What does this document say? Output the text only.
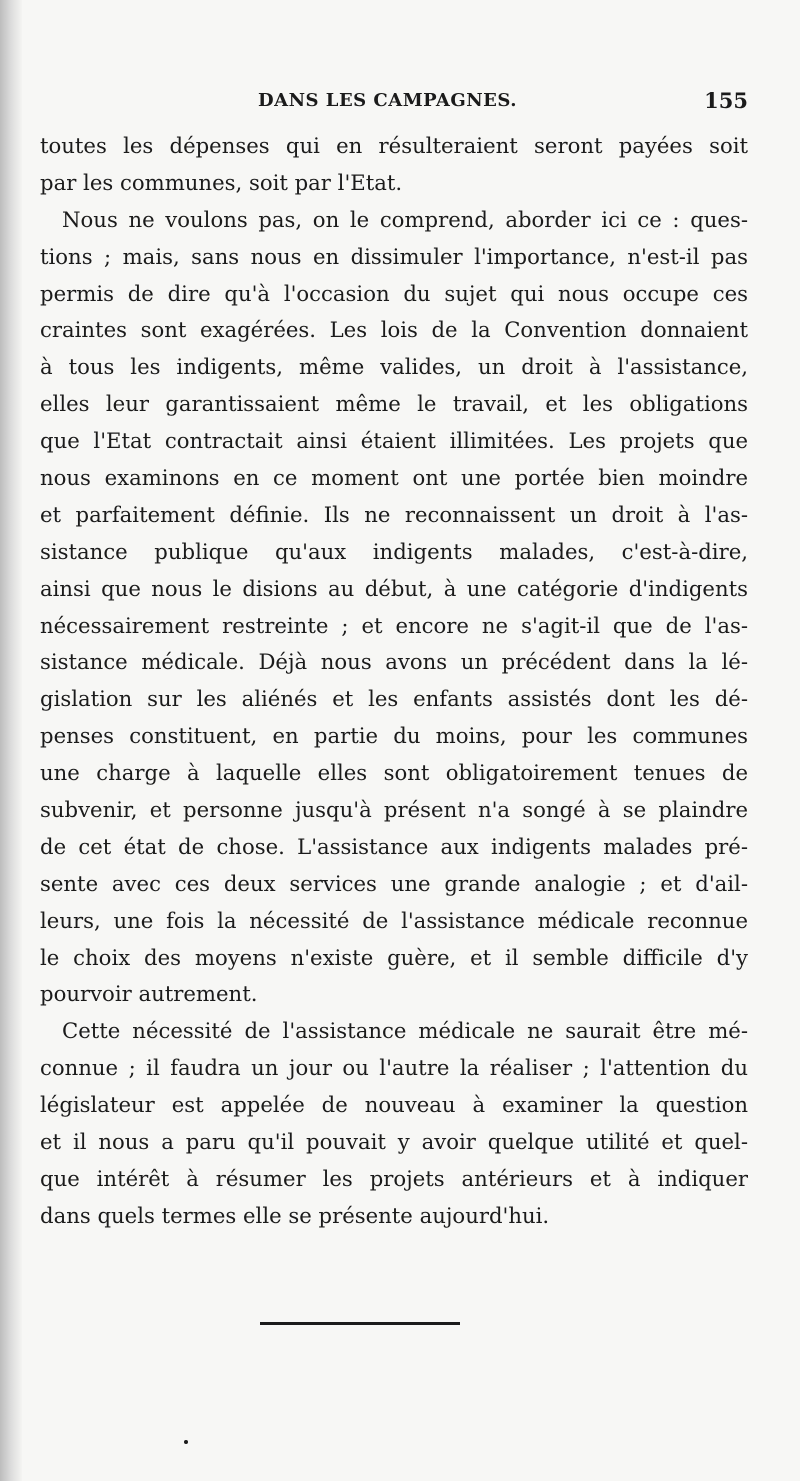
DANS LES CAMPAGNES.	155

toutes les dépenses qui en résulteraient seront payées soit

par les communes, soit par l'Etat.

Nous ne voulons pas, on le comprend, aborder ici ce : ques-

tions ; mais, sans nous en dissimuler l'importance, n'est-il pas

permis de dire qu'à l'occasion du sujet qui nous occupe ces

craintes sont exagérées. Les lois de la Convention donnaient

à tous les indigents, même valides, un droit à l'assistance,

elles leur garantissaient même le travail, et les obligations

que l'Etat contractait ainsi étaient illimitées. Les projets que

nous examinons en ce moment ont une portée bien moindre

et parfaitement définie. Ils ne reconnaissent un droit à l'as-

sistance publique qu'aux indigents malades, c'est-à-dire,

ainsi que nous le disions au début, à une catégorie d'indigents

nécessairement restreinte ; et encore ne s'agit-il que de l'as-

sistance médicale. Déjà nous avons un précédent dans la lé-

gislation sur les aliénés et les enfants assistés dont les dé-

penses constituent, en partie du moins, pour les communes

une charge à laquelle elles sont obligatoirement tenues de

subvenir, et personne jusqu'à présent n'a songé à se plaindre

de cet état de chose. L'assistance aux indigents malades pré-

sente avec ces deux services une grande analogie ; et d'ail-

leurs, une fois la nécessité de l'assistance médicale reconnue

le choix des moyens n'existe guère, et il semble difficile d'y

pourvoir autrement.

Cette nécessité de l'assistance médicale ne saurait être mé-

connue ; il faudra un jour ou l'autre la réaliser ; l'attention du

législateur est appelée de nouveau à examiner la question

et il nous a paru qu'il pouvait y avoir quelque utilité et quel-

que intérêt à résumer les projets antérieurs et à indiquer

dans quels termes elle se présente aujourd'hui.
